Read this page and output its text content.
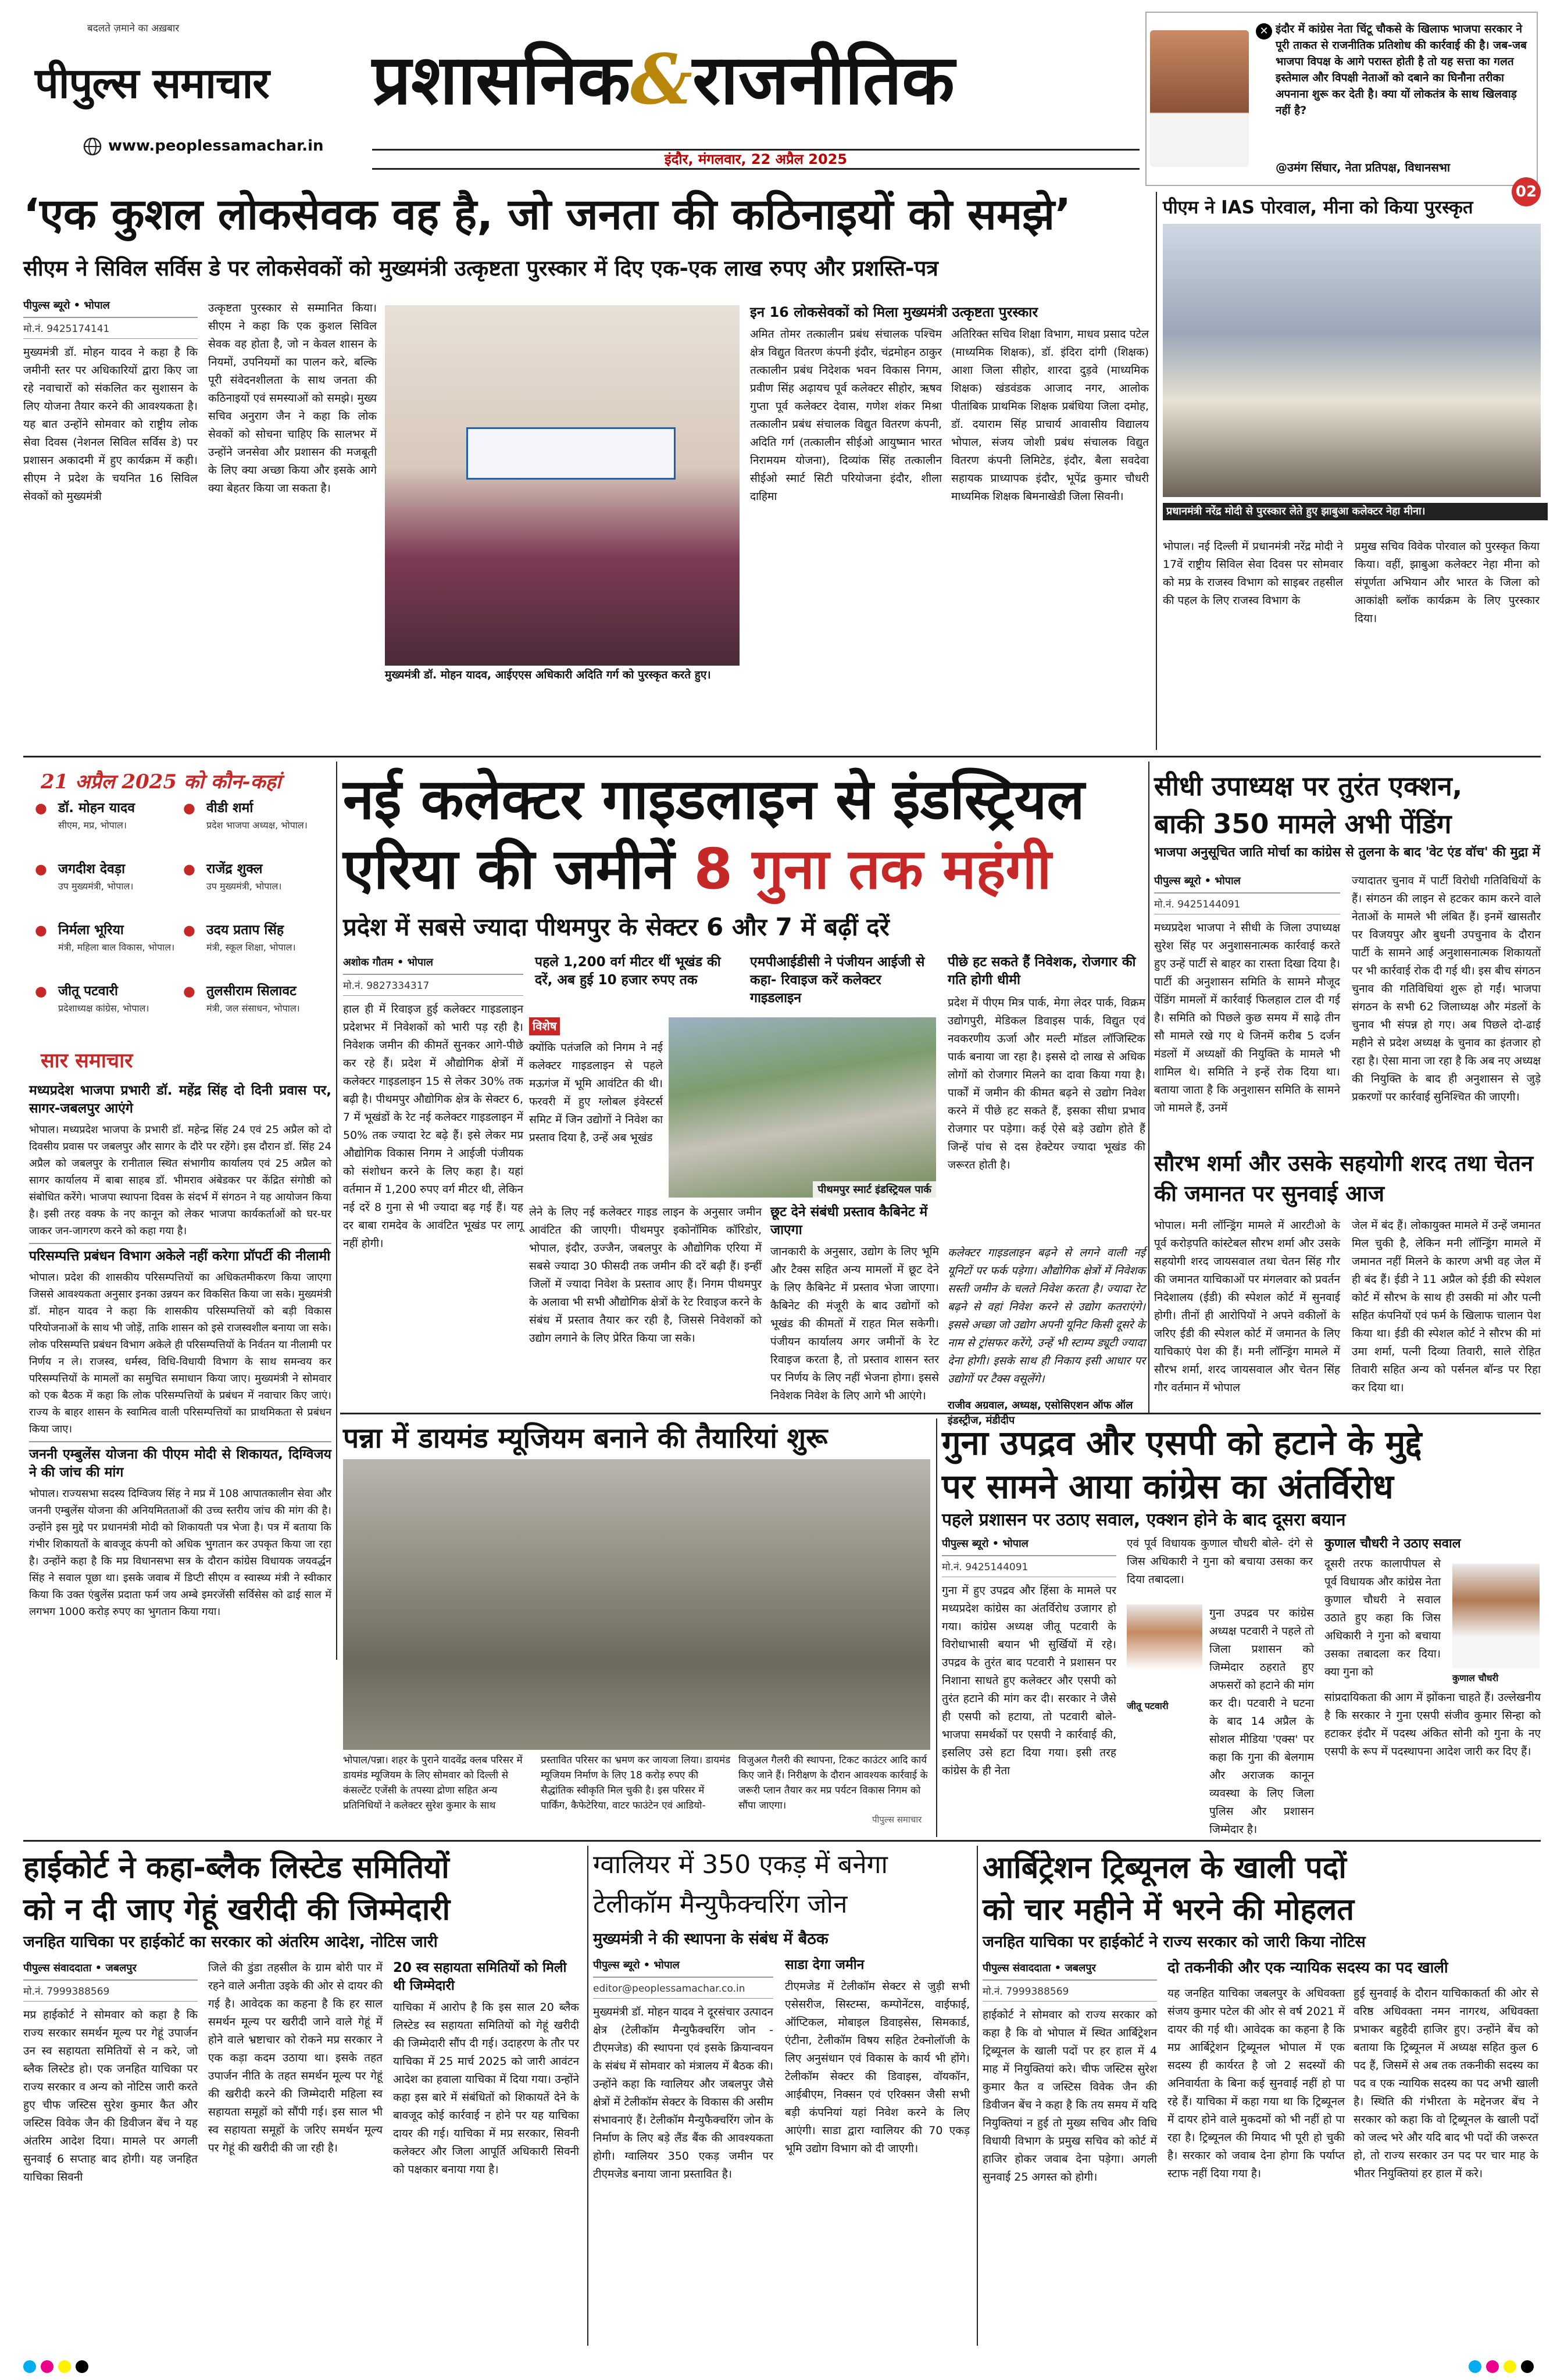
बदलते ज़माने का अख़बार
पीपुल्स समाचार
www.peoplessamachar.in
प्रशासनिक&राजनीतिक
इंदौर, मंगलवार, 22 अप्रैल 2025
✕ इंदौर में कांग्रेस नेता चिंटू चौकसे के खिलाफ भाजपा सरकार ने पूरी ताकत से राजनीतिक प्रतिशोध की कार्रवाई की है। जब-जब भाजपा विपक्ष के आगे परास्त होती है तो यह सत्ता का गलत इस्तेमाल और विपक्षी नेताओं को दबाने का घिनौना तरीका अपनाना शुरू कर देती है। क्या यों लोकतंत्र के साथ खिलवाड़ नहीं है?
@उमंग सिंघार, नेता प्रतिपक्ष, विधानसभा
02
‘एक कुशल लोकसेवक वह है, जो जनता की कठिनाइयों को समझे’
सीएम ने सिविल सर्विस डे पर लोकसेवकों को मुख्यमंत्री उत्कृष्टता पुरस्कार में दिए एक-एक लाख रुपए और प्रशस्ति-पत्र
पीपुल्स ब्यूरो • भोपाल
मो.नं. 9425174141

मुख्यमंत्री डॉ. मोहन यादव ने कहा है कि जमीनी स्तर पर अधिकारियों द्वारा किए जा रहे नवाचारों को संकलित कर सुशासन के लिए योजना तैयार करने की आवश्यकता है। यह बात उन्होंने सोमवार को राष्ट्रीय लोक सेवा दिवस (नेशनल सिविल सर्विस डे) पर प्रशासन अकादमी में हुए कार्यक्रम में कही। सीएम ने प्रदेश के चयनित 16 सिविल सेवकों को मुख्यमंत्री

उत्कृष्टता पुरस्कार से सम्मानित किया। सीएम ने कहा कि एक कुशल सिविल सेवक वह होता है, जो न केवल शासन के नियमों, उपनियमों का पालन करे, बल्कि पूरी संवेदनशीलता के साथ जनता की कठिनाइयों एवं समस्याओं को समझे। मुख्य सचिव अनुराग जैन ने कहा कि लोक सेवकों को सोचना चाहिए कि सालभर में उन्होंने जनसेवा और प्रशासन की मजबूती के लिए क्या अच्छा किया और इसके आगे क्या बेहतर किया जा सकता है।

मुख्यमंत्री डॉ. मोहन यादव, आईएएस अधिकारी अदिति गर्ग को पुरस्कृत करते हुए।
इन 16 लोकसेवकों को मिला मुख्यमंत्री उत्कृष्टता पुरस्कार

अमित तोमर तत्कालीन प्रबंध संचालक पश्चिम क्षेत्र विद्युत वितरण कंपनी इंदौर, चंद्रमोहन ठाकुर तत्कालीन प्रबंध निदेशक भवन विकास निगम, प्रवीण सिंह अढ़ायच पूर्व कलेक्टर सीहोर, ऋषव गुप्ता पूर्व कलेक्टर देवास, गणेश शंकर मिश्रा तत्कालीन प्रबंध संचालक विद्युत वितरण कंपनी, अदिति गर्ग (तत्कालीन सीईओ आयुष्मान भारत निरामयम योजना), दिव्यांक सिंह तत्कालीन सीईओ स्मार्ट सिटी परियोजना इंदौर, शीला दाहिमा

अतिरिक्त सचिव शिक्षा विभाग, माधव प्रसाद पटेल (माध्यमिक शिक्षक), डॉ. इंदिरा दांगी (शिक्षक) आशा जिला सीहोर, शारदा दुड़वे (माध्यमिक शिक्षक) खंडवंडक आजाद नगर, आलोक पीतांबिक प्राथमिक शिक्षक प्रबंधिया जिला दमोह, डॉ. दयाराम सिंह प्राचार्य आवासीय विद्यालय भोपाल, संजय जोशी प्रबंध संचालक विद्युत वितरण कंपनी लिमिटेड, इंदौर, बैला सवदेवा सहायक प्राध्यापक इंदौर, भूपेंद्र कुमार चौधरी माध्यमिक शिक्षक बिमनाखेडी जिला सिवनी।

पीएम ने IAS पोरवाल, मीना को किया पुरस्कृत
प्रधानमंत्री नरेंद्र मोदी से पुरस्कार लेते हुए झाबुआ कलेक्टर नेहा मीना।

भोपाल। नई दिल्ली में प्रधानमंत्री नरेंद्र मोदी ने 17वें राष्ट्रीय सिविल सेवा दिवस पर सोमवार को मप्र के राजस्व विभाग को साइबर तहसील की पहल के लिए राजस्व विभाग के

प्रमुख सचिव विवेक पोरवाल को पुरस्कृत किया किया। वहीं, झाबुआ कलेक्टर नेहा मीना को संपूर्णता अभियान और भारत के जिला को आकांक्षी ब्लॉक कार्यक्रम के लिए पुरस्कार दिया।

21 अप्रैल 2025 को कौन-कहां
● डॉ. मोहन यादव
सीएम, मप्र, भोपाल।
● वीडी शर्मा
प्रदेश भाजपा अध्यक्ष, भोपाल।
● जगदीश देवड़ा
उप मुख्यमंत्री, भोपाल।
● राजेंद्र शुक्ल
उप मुख्यमंत्री, भोपाल।
● निर्मला भूरिया
मंत्री, महिला बाल विकास, भोपाल।
● उदय प्रताप सिंह
मंत्री, स्कूल शिक्षा, भोपाल।
● जीतू पटवारी
प्रदेशाध्यक्ष कांग्रेस, भोपाल।
● तुलसीराम सिलावट
मंत्री, जल संसाधन, भोपाल।
सार समाचार
मध्यप्रदेश भाजपा प्रभारी डॉ. महेंद्र सिंह दो दिनी प्रवास पर, सागर-जबलपुर आएंगे

भोपाल। मध्यप्रदेश भाजपा के प्रभारी डॉ. महेन्द्र सिंह 24 एवं 25 अप्रैल को दो दिवसीय प्रवास पर जबलपुर और सागर के दौरे पर रहेंगे। इस दौरान डॉ. सिंह 24 अप्रैल को जबलपुर के रानीताल स्थित संभागीय कार्यालय एवं 25 अप्रैल को सागर कार्यालय में बाबा साहब डॉ. भीमराव अंबेडकर पर केंद्रित संगोष्ठी को संबोधित करेंगे। भाजपा स्थापना दिवस के संदर्भ में संगठन ने यह आयोजन किया है। इसी तरह वक्फ के नए कानून को लेकर भाजपा कार्यकर्ताओं को घर-घर जाकर जन-जागरण करने को कहा गया है।

परिसम्पत्ति प्रबंधन विभाग अकेले नहीं करेगा प्रॉपर्टी की नीलामी

भोपाल। प्रदेश की शासकीय परिसम्पत्तियों का अधिकतमीकरण किया जाएगा जिससे आवश्यकता अनुसार इनका उन्नयन कर विकसित किया जा सके। मुख्यमंत्री डॉ. मोहन यादव ने कहा कि शासकीय परिसम्पत्तियों को बड़ी विकास परियोजनाओं के साथ भी जोड़ें, ताकि शासन को इसे राजस्वशील बनाया जा सके। लोक परिसम्पत्ति प्रबंधन विभाग अकेले ही परिसम्पत्तियों के निर्वतन या नीलामी पर निर्णय न ले। राजस्व, धर्मस्व, विधि-विधायी विभाग के साथ समन्वय कर परिसम्पत्तियों के मामलों का समुचित समाधान किया जाए। मुख्यमंत्री ने सोमवार को एक बैठक में कहा कि लोक परिसम्पत्तियों के प्रबंधन में नवाचार किए जाएं। राज्य के बाहर शासन के स्वामित्व वाली परिसम्पत्तियों का प्राथमिकता से प्रबंधन किया जाए।

जननी एम्बुलेंस योजना की पीएम मोदी से शिकायत, दिग्विजय ने की जांच की मांग

भोपाल। राज्यसभा सदस्य दिग्विजय सिंह ने मप्र में 108 आपातकालीन सेवा और जननी एम्बुलेंस योजना की अनियमितताओं की उच्च स्तरीय जांच की मांग की है। उन्होंने इस मुद्दे पर प्रधानमंत्री मोदी को शिकायती पत्र भेजा है। पत्र में बताया कि गंभीर शिकायतों के बावजूद कंपनी को अधिक भुगतान कर उपकृत किया जा रहा है। उन्होंने कहा है कि मप्र विधानसभा सत्र के दौरान कांग्रेस विधायक जयवर्द्धन सिंह ने सवाल पूछा था। इसके जवाब में डिप्टी सीएम व स्वास्थ्य मंत्री ने स्वीकार किया कि उक्त एंबुलेंस प्रदाता फर्म जय अम्बे इमरजेंसी सर्विसेस को ढाई साल में लगभग 1000 करोड़ रुपए का भुगतान किया गया।

नई कलेक्टर गाइडलाइन से इंडस्ट्रियल
एरिया की जमीनें 8 गुना तक महंगी
प्रदेश में सबसे ज्यादा पीथमपुर के सेक्टर 6 और 7 में बढ़ीं दरें
अशोक गौतम • भोपाल
मो.नं. 9827334317

हाल ही में रिवाइज हुई कलेक्टर गाइडलाइन प्रदेशभर में निवेशकों को भारी पड़ रही है। निवेशक जमीन की कीमतें सुनकर आगे-पीछे कर रहे हैं। प्रदेश में औद्योगिक क्षेत्रों में कलेक्टर गाइडलाइन 15 से लेकर 30% तक बढ़ी है। पीथमपुर औद्योगिक क्षेत्र के सेक्टर 6, 7 में भूखंडों के रेट नई कलेक्टर गाइडलाइन में 50% तक ज्यादा रेट बढ़े हैं। इसे लेकर मप्र औद्योगिक विकास निगम ने आईजी पंजीयक को संशोधन करने के लिए कहा है। यहां वर्तमान में 1,200 रुपए वर्ग मीटर थी, लेकिन नई दरें 8 गुना से भी ज्यादा बढ़ गई हैं। यह दर बाबा रामदेव के आवंटित भूखंड पर लागू नहीं होगी।

पहले 1,200 वर्ग मीटर थीं भूखंड की दरें, अब हुई 10 हजार रुपए तक
एमपीआईडीसी ने पंजीयन आईजी से कहा- रिवाइज करें कलेक्टर गाइडलाइन
विशेष

क्योंकि पतंजलि को निगम ने नई कलेक्टर गाइडलाइन से पहले मऊगंज में भूमि आवंटित की थी। फरवरी में हुए ग्लोबल इंवेस्टर्स समिट में जिन उद्योगों ने निवेश का प्रस्ताव दिया है, उन्हें अब भूखंड

पीथमपुर स्मार्ट इंडस्ट्रियल पार्क

लेने के लिए नई कलेक्टर गाइड लाइन के अनुसार जमीन आवंटित की जाएगी। पीथमपुर इकोनॉमिक कॉरिडोर, भोपाल, इंदौर, उज्जैन, जबलपुर के औद्योगिक एरिया में सबसे ज्यादा 30 फीसदी तक जमीन की दरें बढ़ी हैं। इन्हीं जिलों में ज्यादा निवेश के प्रस्ताव आए हैं। निगम पीथमपुर के अलावा भी सभी औद्योगिक क्षेत्रों के रेट रिवाइज करने के संबंध में प्रस्ताव तैयार कर रही है, जिससे निवेशकों को उद्योग लगाने के लिए प्रेरित किया जा सके।

छूट देने संबंधी प्रस्ताव कैबिनेट में जाएगा

जानकारी के अनुसार, उद्योग के लिए भूमि और टैक्स सहित अन्य मामलों में छूट देने के लिए कैबिनेट में प्रस्ताव भेजा जाएगा। कैबिनेट की मंजूरी के बाद उद्योगों को भूखंड की कीमतों में राहत मिल सकेगी। पंजीयन कार्यालय अगर जमीनों के रेट रिवाइज करता है, तो प्रस्ताव शासन स्तर पर निर्णय के लिए नहीं भेजना होगा। इससे निवेशक निवेश के लिए आगे भी आएंगे।

पीछे हट सकते हैं निवेशक, रोजगार की गति होगी धीमी

प्रदेश में पीएम मित्र पार्क, मेगा लेदर पार्क, विक्रम उद्योगपुरी, मेडिकल डिवाइस पार्क, विद्युत एवं नवकरणीय ऊर्जा और मल्टी मॉडल लॉजिस्टिक पार्क बनाया जा रहा है। इससे दो लाख से अधिक लोगों को रोजगार मिलने का दावा किया गया है। पार्कों में जमीन की कीमत बढ़ने से उद्योग निवेश करने में पीछे हट सकते हैं, इसका सीधा प्रभाव रोजगार पर पड़ेगा। कई ऐसे बड़े उद्योग होते हैं जिन्हें पांच से दस हेक्टेयर ज्यादा भूखंड की जरूरत होती है।

कलेक्टर गाइडलाइन बढ़ने से लगने वाली नई यूनिटों पर फर्क पड़ेगा। औद्योगिक क्षेत्रों में निवेशक सस्ती जमीन के चलते निवेश करता है। ज्यादा रेट बढ़ने से वहां निवेश करने से उद्योग कतराएंगे। इससे अच्छा जो उद्योग अपनी यूनिट किसी दूसरे के नाम से ट्रांसफर करेंगे, उन्हें भी स्टाम्प ड्यूटी ज्यादा देना होगी। इसके साथ ही निकाय इसी आधार पर उद्योगों पर टैक्स वसूलेंगे।

राजीव अग्रवाल, अध्यक्ष, एसोसिएशन ऑफ ऑल इंडस्ट्रीज, मंडीदीप
सीधी उपाध्यक्ष पर तुरंत एक्शन,
बाकी 350 मामले अभी पेंडिंग
भाजपा अनुसूचित जाति मोर्चा का कांग्रेस से तुलना के बाद 'वेट एंड वॉच' की मुद्रा में
पीपुल्स ब्यूरो • भोपाल
मो.नं. 9425144091

मध्यप्रदेश भाजपा ने सीधी के जिला उपाध्यक्ष सुरेश सिंह पर अनुशासनात्मक कार्रवाई करते हुए उन्हें पार्टी से बाहर का रास्ता दिखा दिया है। पार्टी की अनुशासन समिति के सामने मौजूद पेंडिंग मामलों में कार्रवाई फिलहाल टाल दी गई है। समिति को पिछले कुछ समय में साढ़े तीन सौ मामले रखे गए थे जिनमें करीब 5 दर्जन मंडलों में अध्यक्षों की नियुक्ति के मामले भी शामिल थे। समिति ने इन्हें रोक दिया था। बताया जाता है कि अनुशासन समिति के सामने जो मामले हैं, उनमें

ज्यादातर चुनाव में पार्टी विरोधी गतिविधियों के हैं। संगठन की लाइन से हटकर काम करने वाले नेताओं के मामले भी लंबित हैं। इनमें खासतौर पर विजयपुर और बुधनी उपचुनाव के दौरान पार्टी के सामने आई अनुशासनात्मक शिकायतों पर भी कार्रवाई रोक दी गई थी। इस बीच संगठन चुनाव की गतिविधियां शुरू हो गईं। भाजपा संगठन के सभी 62 जिलाध्यक्ष और मंडलों के चुनाव भी संपन्न हो गए। अब पिछले दो-ढाई महीने से प्रदेश अध्यक्ष के चुनाव का इंतजार हो रहा है। ऐसा माना जा रहा है कि अब नए अध्यक्ष की नियुक्ति के बाद ही अनुशासन से जुड़े प्रकरणों पर कार्रवाई सुनिश्चित की जाएगी।

सौरभ शर्मा और उसके सहयोगी शरद तथा चेतन की जमानत पर सुनवाई आज

भोपाल। मनी लॉन्ड्रिंग मामले में आरटीओ के पूर्व करोड़पति कांस्टेबल सौरभ शर्मा और उसके सहयोगी शरद जायसवाल तथा चेतन सिंह गौर की जमानत याचिकाओं पर मंगलवार को प्रवर्तन निदेशालय (ईडी) की स्पेशल कोर्ट में सुनवाई होगी। तीनों ही आरोपियों ने अपने वकीलों के जरिए ईडी की स्पेशल कोर्ट में जमानत के लिए याचिकाएं पेश की हैं। मनी लॉन्ड्रिंग मामले में सौरभ शर्मा, शरद जायसवाल और चेतन सिंह गौर वर्तमान में भोपाल

जेल में बंद हैं। लोकायुक्त मामले में उन्हें जमानत मिल चुकी है, लेकिन मनी लॉन्ड्रिंग मामले में जमानत नहीं मिलने के कारण अभी वह जेल में ही बंद हैं। ईडी ने 11 अप्रैल को ईडी की स्पेशल कोर्ट में सौरभ के साथ ही उसकी मां और पत्नी सहित कंपनियों एवं फर्म के खिलाफ चालान पेश किया था। ईडी की स्पेशल कोर्ट ने सौरभ की मां उमा शर्मा, पत्नी दिव्या तिवारी, साले रोहित तिवारी सहित अन्य को पर्सनल बॉन्ड पर रिहा कर दिया था।

पन्ना में डायमंड म्यूजियम बनाने की तैयारियां शुरू
भोपाल/पन्ना। शहर के पुराने यादवेंद्र क्लब परिसर में डायमंड म्यूजियम के लिए सोमवार को दिल्ली से कंसल्टेंट एजेंसी के तपस्या द्रोणा सहित अन्य प्रतिनिधियों ने कलेक्टर सुरेश कुमार के साथ
प्रस्तावित परिसर का भ्रमण कर जायजा लिया। डायमंड म्यूजियम निर्माण के लिए 18 करोड़ रुपए की सैद्धांतिक स्वीकृति मिल चुकी है। इस परिसर में पार्किंग, कैफेटेरिया, वाटर फाउंटेन एवं आडियो-
विजुअल गैलरी की स्थापना, टिकट काउंटर आदि कार्य किए जाने हैं। निरीक्षण के दौरान आवश्यक कार्रवाई के जरूरी प्लान तैयार कर मप्र पर्यटन विकास निगम को सौंपा जाएगा।
पीपुल्स समाचार
गुना उपद्रव और एसपी को हटाने के मुद्दे
पर सामने आया कांग्रेस का अंतर्विरोध
पहले प्रशासन पर उठाए सवाल, एक्शन होने के बाद दूसरा बयान
पीपुल्स ब्यूरो • भोपाल
मो.नं. 9425144091

गुना में हुए उपद्रव और हिंसा के मामले पर मध्यप्रदेश कांग्रेस का अंतर्विरोध उजागर हो गया। कांग्रेस अध्यक्ष जीतू पटवारी के विरोधाभासी बयान भी सुर्खियों में रहे। उपद्रव के तुरंत बाद पटवारी ने प्रशासन पर निशाना साधते हुए कलेक्टर और एसपी को तुरंत हटाने की मांग कर दी। सरकार ने जैसे ही एसपी को हटाया, तो पटवारी बोले- भाजपा समर्थकों पर एसपी ने कार्रवाई की, इसलिए उसे हटा दिया गया। इसी तरह कांग्रेस के ही नेता

एवं पूर्व विधायक कुणाल चौधरी बोले- दंगे से जिस अधिकारी ने गुना को बचाया उसका कर दिया तबादला।

जीतू पटवारी

गुना उपद्रव पर कांग्रेस अध्यक्ष पटवारी ने पहले तो जिला प्रशासन को जिम्मेदार ठहराते हुए अफसरों को हटाने की मांग कर दी। पटवारी ने घटना के बाद 14 अप्रैल के सोशल मीडिया 'एक्स' पर कहा कि गुना की बेलगाम और अराजक कानून व्यवस्था के लिए जिला पुलिस और प्रशासन जिम्मेदार है।

कुणाल चौधरी ने उठाए सवाल

दूसरी तरफ कालापीपल से पूर्व विधायक और कांग्रेस नेता कुणाल चौधरी ने सवाल उठाते हुए कहा कि जिस अधिकारी ने गुना को बचाया उसका तबादला कर दिया। क्या गुना को	कुणाल चौधरी

सांप्रदायिकता की आग में झोंकना चाहते हैं। उल्लेखनीय है कि सरकार ने गुना एसपी संजीव कुमार सिन्हा को हटाकर इंदौर में पदस्थ अंकित सोनी को गुना के नए एसपी के रूप में पदस्थापना आदेश जारी कर दिए हैं।

हाईकोर्ट ने कहा-ब्लैक लिस्टेड समितियों
को न दी जाए गेहूं खरीदी की जिम्मेदारी
जनहित याचिका पर हाईकोर्ट का सरकार को अंतरिम आदेश, नोटिस जारी
पीपुल्स संवाददाता • जबलपुर
मो.नं. 7999388569

मप्र हाईकोर्ट ने सोमवार को कहा है कि राज्य सरकार समर्थन मूल्य पर गेहूं उपार्जन उन स्व सहायता समितियों से न करे, जो ब्लैक लिस्टेड हो। एक जनहित याचिका पर राज्य सरकार व अन्य को नोटिस जारी करते हुए चीफ जस्टिस सुरेश कुमार कैत और जस्टिस विवेक जैन की डिवीजन बेंच ने यह अंतरिम आदेश दिया। मामले पर अगली सुनवाई 6 सप्ताह बाद होगी। यह जनहित याचिका सिवनी

जिले की डुंडा तहसील के ग्राम बोरी पार में रहने वाले अनीता उइके की ओर से दायर की गई है। आवेदक का कहना है कि हर साल समर्थन मूल्य पर खरीदी जाने वाले गेहूं में होने वाले भ्रष्टाचार को रोकने मप्र सरकार ने एक कड़ा कदम उठाया था। इसके तहत उपार्जन नीति के तहत समर्थन मूल्य पर गेहूं की खरीदी करने की जिम्मेदारी महिला स्व सहायता समूहों को सौंपी गई। इस साल भी स्व सहायता समूहों के जरिए समर्थन मूल्य पर गेहूं की खरीदी की जा रही है।

20 स्व सहायता समितियों को मिली थी जिम्मेदारी

याचिका में आरोप है कि इस साल 20 ब्लैक लिस्टेड स्व सहायता समितियों को गेहूं खरीदी की जिम्मेदारी सौंप दी गई। उदाहरण के तौर पर याचिका में 25 मार्च 2025 को जारी आवंटन आदेश का हवाला याचिका में दिया गया। उन्होंने कहा इस बारे में संबंधितों को शिकायतें देने के बावजूद कोई कार्रवाई न होने पर यह याचिका दायर की गई। याचिका में मप्र सरकार, सिवनी कलेक्टर और जिला आपूर्ति अधिकारी सिवनी को पक्षकार बनाया गया है।

ग्वालियर में 350 एकड़ में बनेगा
टेलीकॉम मैन्युफैक्चरिंग जोन
मुख्यमंत्री ने की स्थापना के संबंध में बैठक
पीपुल्स ब्यूरो • भोपाल
editor@peoplessamachar.co.in

मुख्यमंत्री डॉ. मोहन यादव ने दूरसंचार उत्पादन क्षेत्र (टेलीकॉम मैन्युफैक्चरिंग जोन - टीएमजेड) की स्थापना एवं इसके क्रियान्वयन के संबंध में सोमवार को मंत्रालय में बैठक की। उन्होंने कहा कि ग्वालियर और जबलपुर जैसे क्षेत्रों में टेलीकॉम सेक्टर के विकास की असीम संभावनाएं हैं। टेलीकॉम मैन्युफैक्चरिंग जोन के निर्माण के लिए बड़े लैंड बैंक की आवश्यकता होगी। ग्वालियर 350 एकड़ जमीन पर टीएमजेड बनाया जाना प्रस्तावित है।

साडा देगा जमीन

टीएमजेड में टेलीकॉम सेक्टर से जुड़ी सभी एसेसरीज, सिस्टम्स, कम्पोनेंटस, वाईफाई, ऑप्टिकल, मोबाइल डिवाइसेस, सिमकार्ड, एंटीना, टेलीकॉम विषय सहित टेक्नोलॉजी के लिए अनुसंधान एवं विकास के कार्य भी होंगे। टेलीकॉम सेक्टर की डिवाइस, वॉयकॉन, आईबीएम, निक्सन एवं एरिक्सन जैसी सभी बड़ी कंपनियां यहां निवेश करने के लिए आएंगी। साडा द्वारा ग्वालियर की 70 एकड़ भूमि उद्योग विभाग को दी जाएगी।

आर्बिट्रेशन ट्रिब्यूनल के खाली पदों
को चार महीने में भरने की मोहलत
जनहित याचिका पर हाईकोर्ट ने राज्य सरकार को जारी किया नोटिस
पीपुल्स संवाददाता • जबलपुर
मो.नं. 7999388569

हाईकोर्ट ने सोमवार को राज्य सरकार को कहा है कि वो भोपाल में स्थित आर्बिट्रेशन ट्रिब्यूनल के खाली पदों पर हर हाल में 4 माह में नियुक्तियां करे। चीफ जस्टिस सुरेश कुमार कैत व जस्टिस विवेक जैन की डिवीजन बेंच ने कहा है कि तय समय में यदि नियुक्तियां न हुई तो मुख्य सचिव और विधि विधायी विभाग के प्रमुख सचिव को कोर्ट में हाजिर होकर जवाब देना पड़ेगा। अगली सुनवाई 25 अगस्त को होगी।

दो तकनीकी और एक न्यायिक सदस्य का पद खाली

यह जनहित याचिका जबलपुर के अधिवक्ता संजय कुमार पटेल की ओर से वर्ष 2021 में दायर की गई थी। आवेदक का कहना है कि मप्र आर्बिट्रेशन ट्रिब्यूनल भोपाल में एक सदस्य ही कार्यरत है जो 2 सदस्यों की अनिवार्यता के बिना कई सुनवाई नहीं हो पा रहे हैं। याचिका में कहा गया था कि ट्रिब्यूनल में दायर होने वाले मुकदमों को भी नहीं हो पा रहा है। ट्रिब्यूनल की मियाद भी पूरी हो चुकी है। सरकार को जवाब देना होगा कि पर्याप्त स्टाफ नहीं दिया गया है।

हुई सुनवाई के दौरान याचिकाकर्ता की ओर से वरिष्ठ अधिवक्ता नमन नागरथ, अधिवक्ता प्रभाकर बहुहैदी हाजिर हुए। उन्होंने बेंच को बताया कि ट्रिब्यूनल में अध्यक्ष सहित कुल 6 पद हैं, जिसमें से अब तक तकनीकी सदस्य का पद व एक न्यायिक सदस्य का पद अभी खाली है। स्थिति की गंभीरता के मद्देनजर बेंच ने सरकार को कहा कि वो ट्रिब्यूनल के खाली पदों को जल्द भरे और यदि बाद भी पदों की जरूरत हो, तो राज्य सरकार उन पद पर चार माह के भीतर नियुक्तियां हर हाल में करे।
